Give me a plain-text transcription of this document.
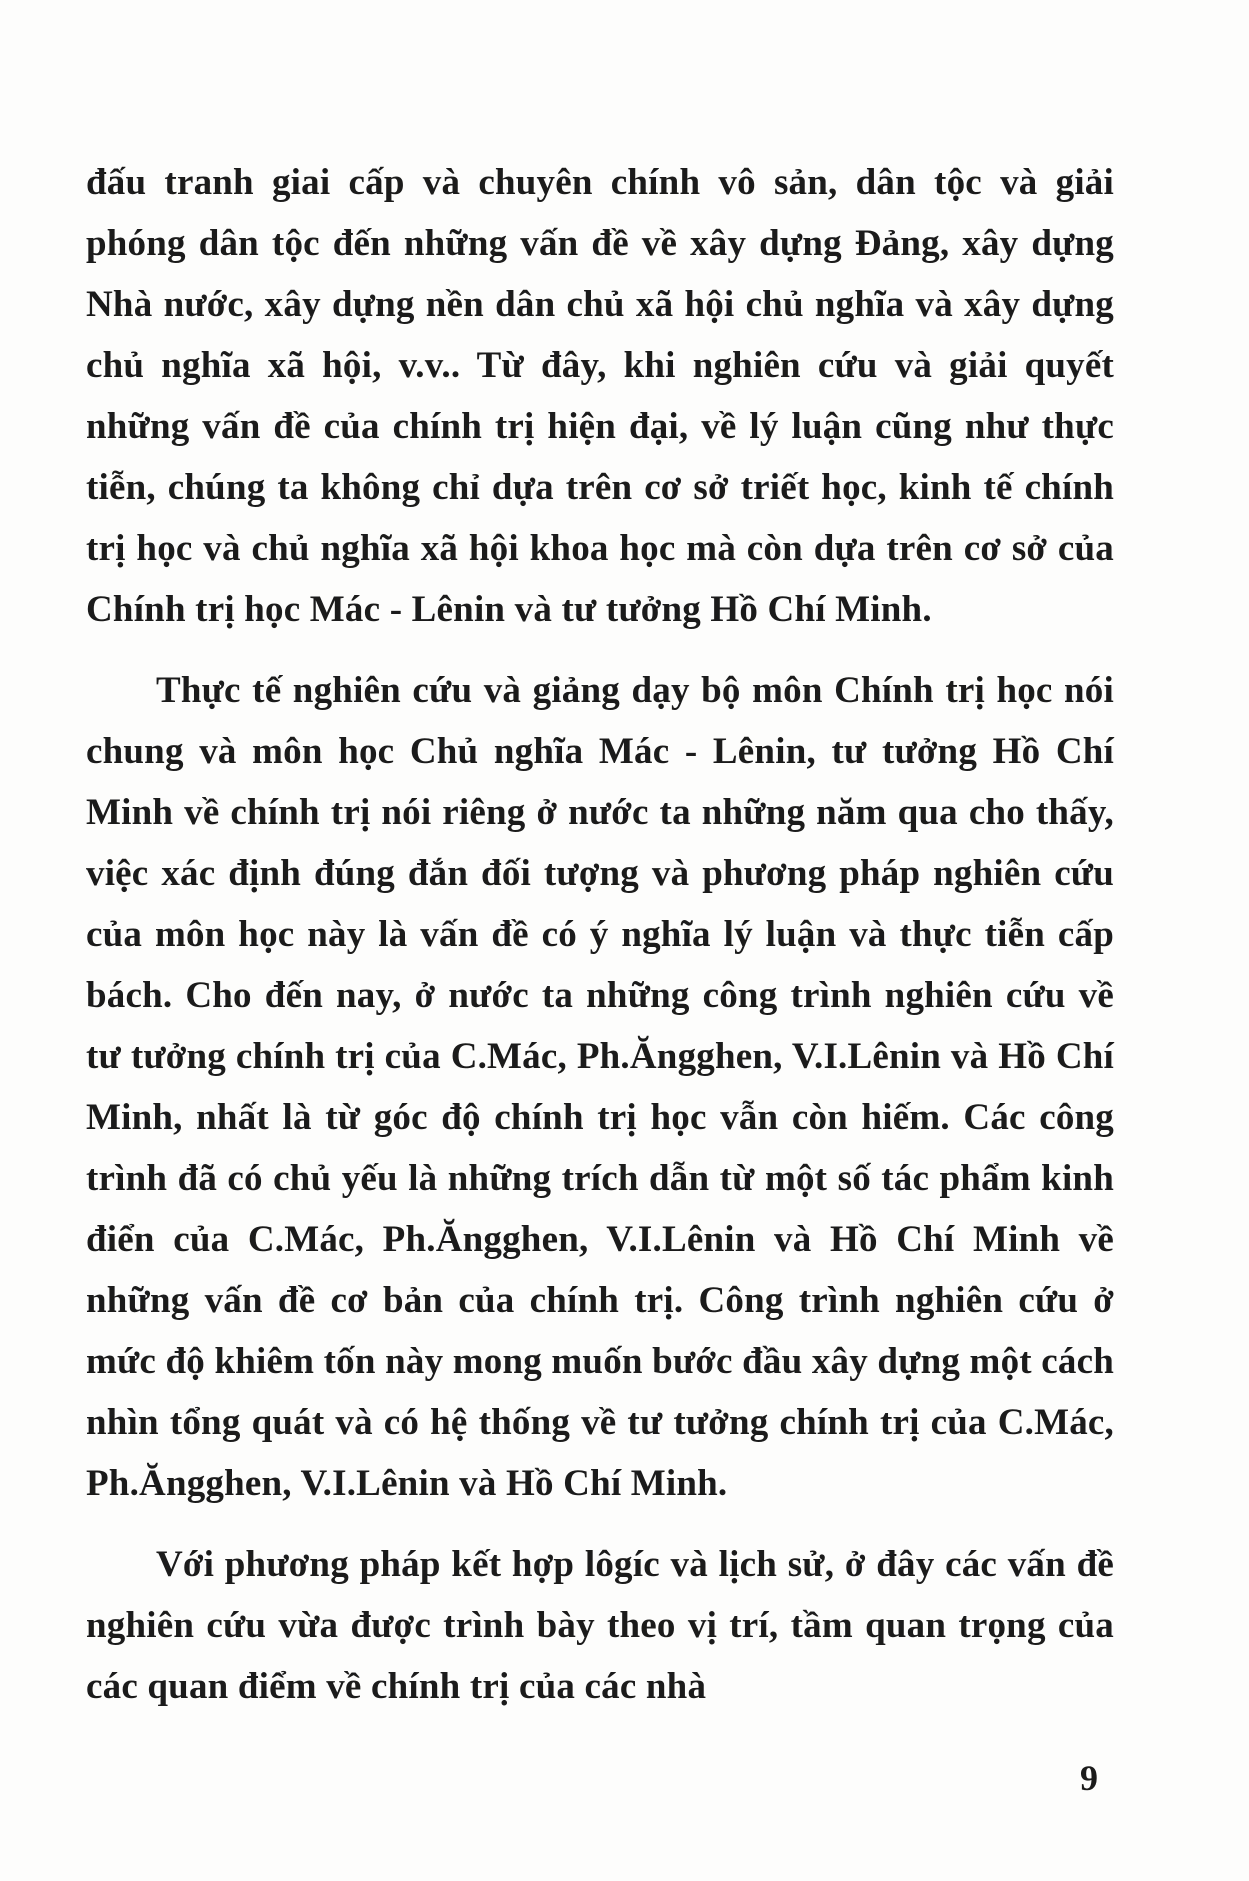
đấu tranh giai cấp và chuyên chính vô sản, dân tộc và giải phóng dân tộc đến những vấn đề về xây dựng Đảng, xây dựng Nhà nước, xây dựng nền dân chủ xã hội chủ nghĩa và xây dựng chủ nghĩa xã hội, v.v.. Từ đây, khi nghiên cứu và giải quyết những vấn đề của chính trị hiện đại, về lý luận cũng như thực tiễn, chúng ta không chỉ dựa trên cơ sở triết học, kinh tế chính trị học và chủ nghĩa xã hội khoa học mà còn dựa trên cơ sở của Chính trị học Mác - Lênin và tư tưởng Hồ Chí Minh.

Thực tế nghiên cứu và giảng dạy bộ môn Chính trị học nói chung và môn học Chủ nghĩa Mác - Lênin, tư tưởng Hồ Chí Minh về chính trị nói riêng ở nước ta những năm qua cho thấy, việc xác định đúng đắn đối tượng và phương pháp nghiên cứu của môn học này là vấn đề có ý nghĩa lý luận và thực tiễn cấp bách. Cho đến nay, ở nước ta những công trình nghiên cứu về tư tưởng chính trị của C.Mác, Ph.Ăngghen, V.I.Lênin và Hồ Chí Minh, nhất là từ góc độ chính trị học vẫn còn hiếm. Các công trình đã có chủ yếu là những trích dẫn từ một số tác phẩm kinh điển của C.Mác, Ph.Ăngghen, V.I.Lênin và Hồ Chí Minh về những vấn đề cơ bản của chính trị. Công trình nghiên cứu ở mức độ khiêm tốn này mong muốn bước đầu xây dựng một cách nhìn tổng quát và có hệ thống về tư tưởng chính trị của C.Mác, Ph.Ăngghen, V.I.Lênin và Hồ Chí Minh.

Với phương pháp kết hợp lôgíc và lịch sử, ở đây các vấn đề nghiên cứu vừa được trình bày theo vị trí, tầm quan trọng của các quan điểm về chính trị của các nhà

9
